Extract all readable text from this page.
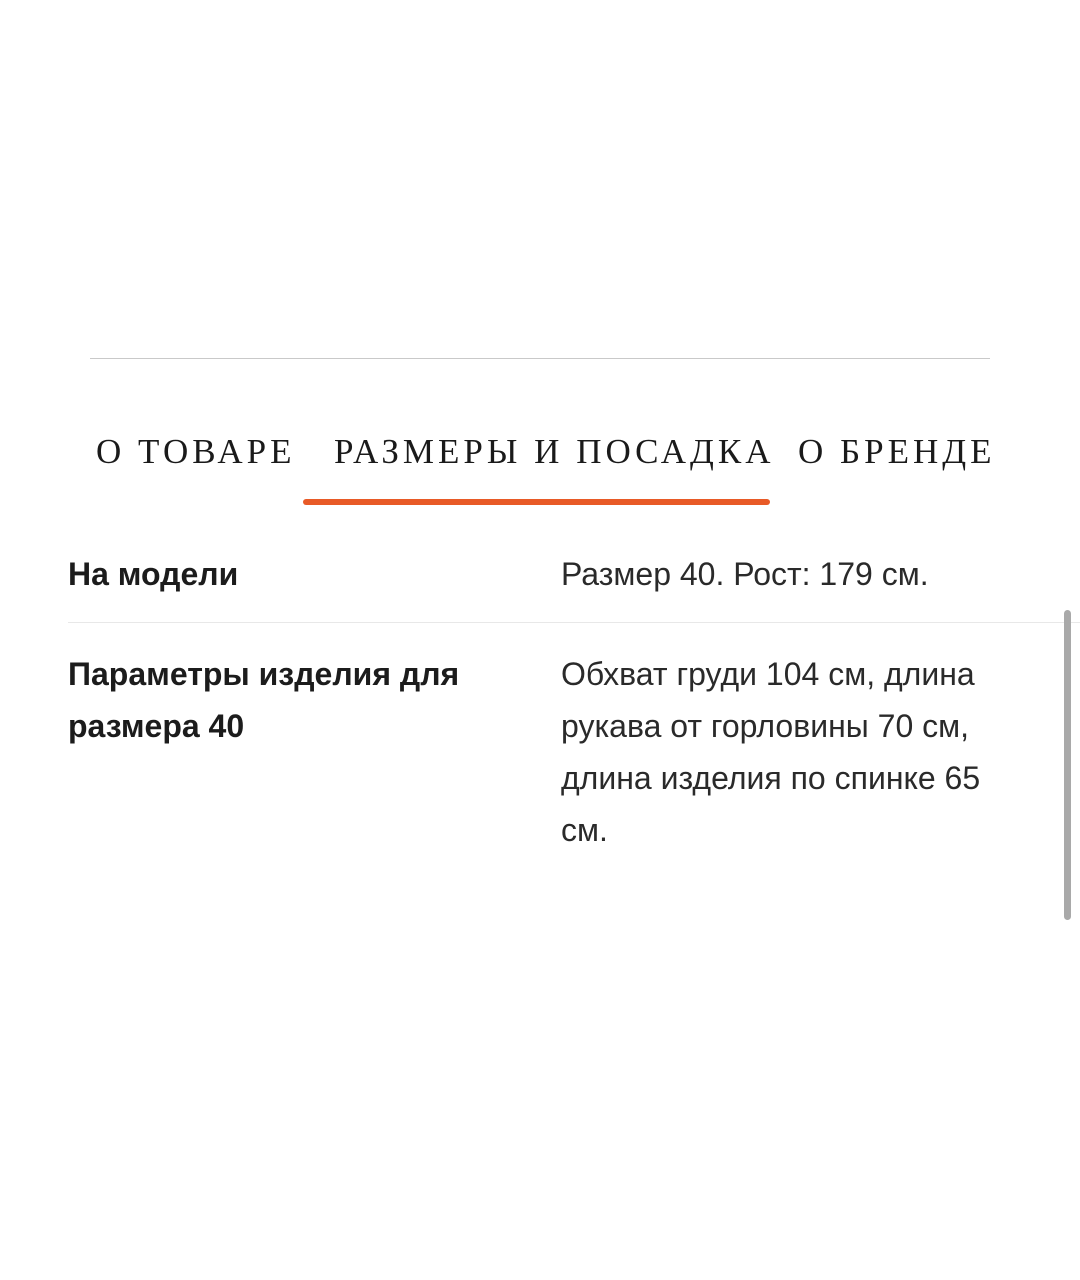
О ТОВАРЕ РАЗМЕРЫ И ПОСАДКА О БРЕНДЕ
На модели	Размер 40. Рост: 179 см.
Параметры изделия для размера 40
Обхват груди 104 см, длина рукава от горловины 70 см, длина изделия по спинке 65 см.
